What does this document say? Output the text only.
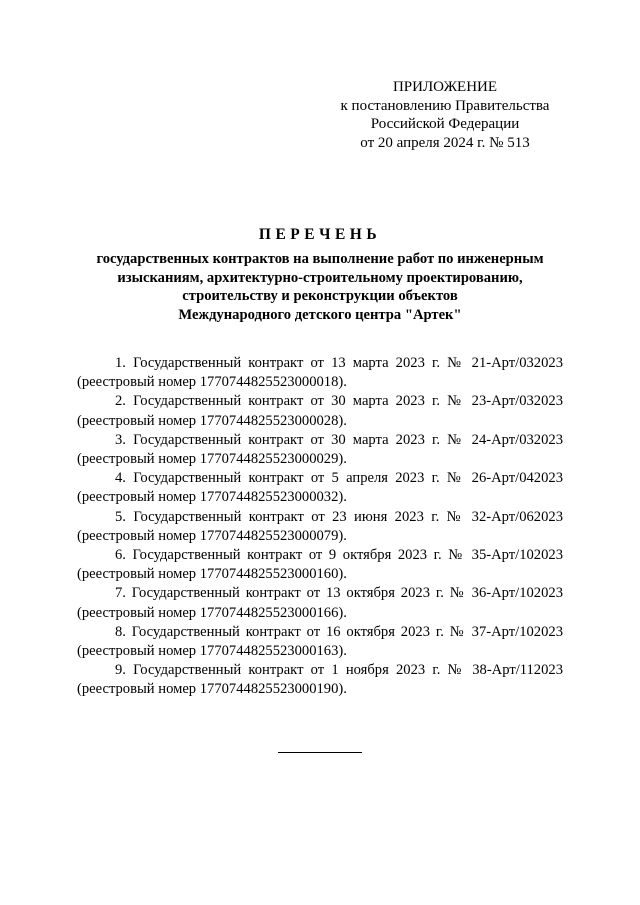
ПРИЛОЖЕНИЕ
к постановлению Правительства
Российской Федерации
от 20 апреля 2024 г. № 513
ПЕРЕЧЕНЬ
государственных контрактов на выполнение работ по инженерным
изысканиям, архитектурно-строительному проектированию,
строительству и реконструкции объектов
Международного детского центра "Артек"
1. Государственный контракт от 13 марта 2023 г. № 21-Арт/032023
(реестровый номер 1770744825523000018).
2. Государственный контракт от 30 марта 2023 г. № 23-Арт/032023
(реестровый номер 1770744825523000028).
3. Государственный контракт от 30 марта 2023 г. № 24-Арт/032023
(реестровый номер 1770744825523000029).
4. Государственный контракт от 5 апреля 2023 г. № 26-Арт/042023
(реестровый номер 1770744825523000032).
5. Государственный контракт от 23 июня 2023 г. № 32-Арт/062023
(реестровый номер 1770744825523000079).
6. Государственный контракт от 9 октября 2023 г. № 35-Арт/102023
(реестровый номер 1770744825523000160).
7. Государственный контракт от 13 октября 2023 г. № 36-Арт/102023
(реестровый номер 1770744825523000166).
8. Государственный контракт от 16 октября 2023 г. № 37-Арт/102023
(реестровый номер 1770744825523000163).
9. Государственный контракт от 1 ноября 2023 г. № 38-Арт/112023
(реестровый номер 1770744825523000190).
